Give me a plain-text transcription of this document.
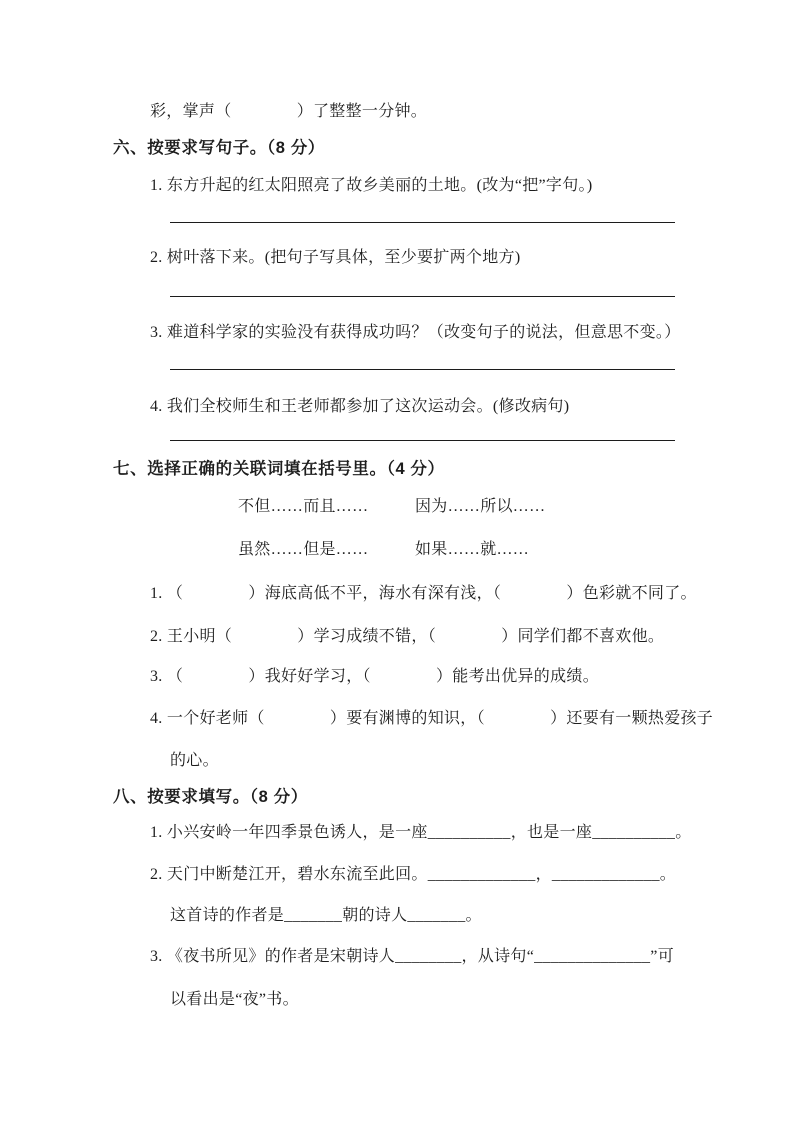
彩，掌声（　　　　）了整整一分钟。
六、按要求写句子。（8 分）
1. 东方升起的红太阳照亮了故乡美丽的土地。(改为“把”字句。)
2. 树叶落下来。(把句子写具体，至少要扩两个地方)
3. 难道科学家的实验没有获得成功吗？（改变句子的说法，但意思不变。）
4. 我们全校师生和王老师都参加了这次运动会。(修改病句)
七、选择正确的关联词填在括号里。（4 分）
不但……而且……	因为……所以……
虽然……但是……	如果……就……
1. （　　　　）海底高低不平，海水有深有浅，（　　　　）色彩就不同了。
2. 王小明（　　　　）学习成绩不错，（　　　　）同学们都不喜欢他。
3. （　　　　）我好好学习，（　　　　）能考出优异的成绩。
4. 一个好老师（　　　　）要有渊博的知识，（　　　　）还要有一颗热爱孩子
的心。
八、按要求填写。（8 分）
1. 小兴安岭一年四季景色诱人，是一座__________，也是一座__________。
2. 天门中断楚江开，碧水东流至此回。_____________，_____________。
这首诗的作者是_______朝的诗人_______。
3. 《夜书所见》的作者是宋朝诗人________，从诗句“______________”可
以看出是“夜”书。
